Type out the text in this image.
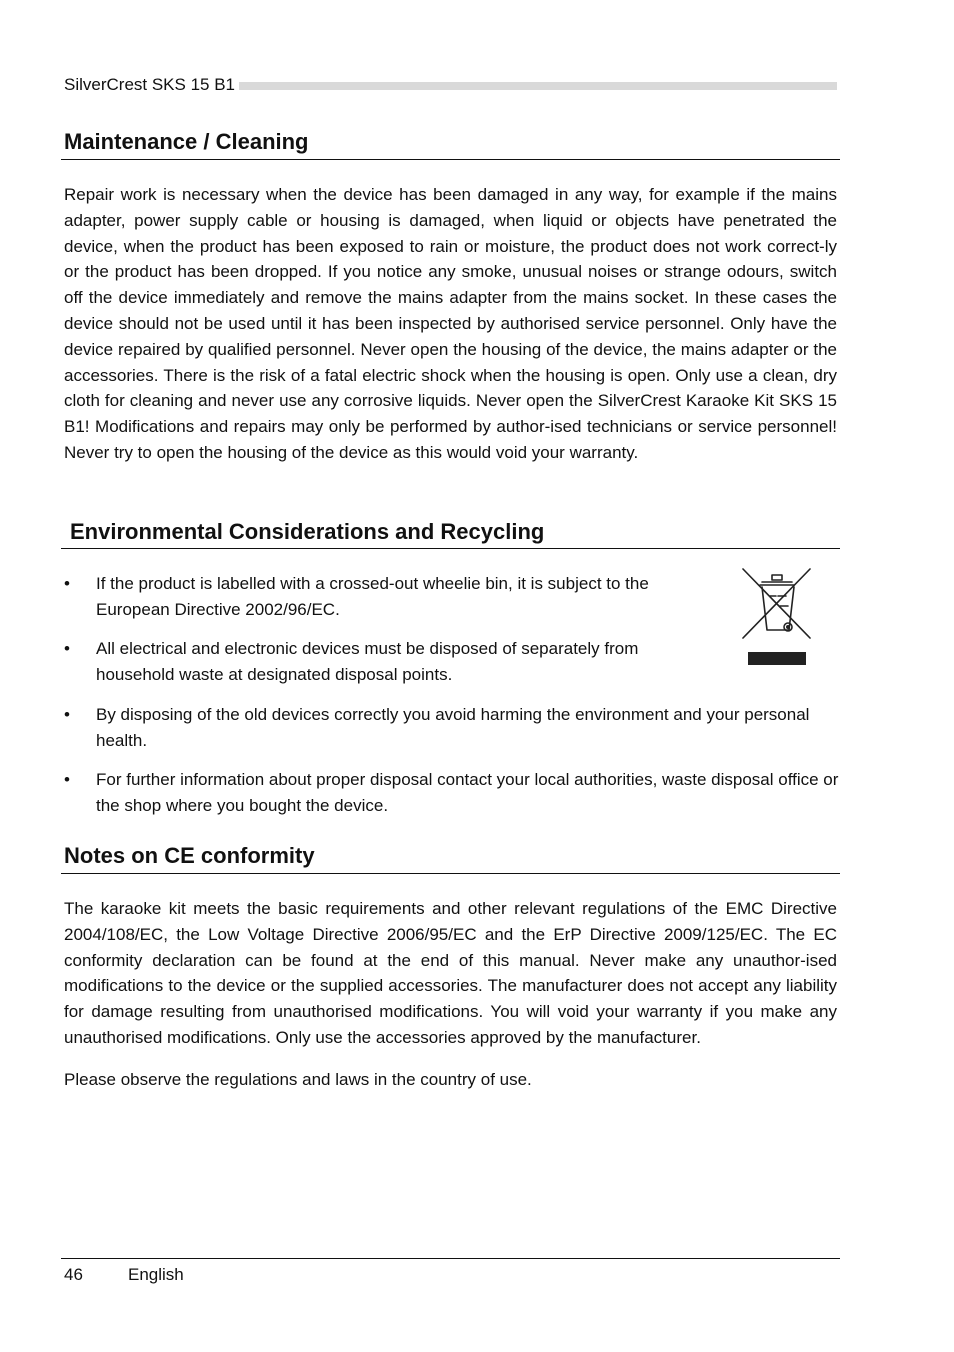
SilverCrest SKS 15 B1
Maintenance / Cleaning

Repair work is necessary when the device has been damaged in any way, for example if the mains adapter, power supply cable or housing is damaged, when liquid or objects have penetrated the device, when the product has been exposed to rain or moisture, the product does not work correct-ly or the product has been dropped. If you notice any smoke, unusual noises or strange odours, switch off the device immediately and remove the mains adapter from the mains socket. In these cases the device should not be used until it has been inspected by authorised service personnel. Only have the device repaired by qualified personnel. Never open the housing of the device, the mains adapter or the accessories. There is the risk of a fatal electric shock when the housing is open. Only use a clean, dry cloth for cleaning and never use any corrosive liquids. Never open the SilverCrest Karaoke Kit SKS 15 B1! Modifications and repairs may only be performed by author-ised technicians or service personnel! Never try to open the housing of the device as this would void your warranty.

Environmental Considerations and Recycling
•	If the product is labelled with a crossed-out wheelie bin, it is subject to the European Directive 2002/96/EC.
•	All electrical and electronic devices must be disposed of separately from household waste at designated disposal points.
•	By disposing of the old devices correctly you avoid harming the environment and your personal health.
•	For further information about proper disposal contact your local authorities, waste disposal office or the shop where you bought the device.
Notes on CE conformity

The karaoke kit meets the basic requirements and other relevant regulations of the EMC Directive 2004/108/EC, the Low Voltage Directive 2006/95/EC and the ErP Directive 2009/125/EC. The EC conformity declaration can be found at the end of this manual. Never make any unauthor-ised modifications to the device or the supplied accessories. The manufacturer does not accept any liability for damage resulting from unauthorised modifications. You will void your warranty if you make any unauthorised modifications. Only use the accessories approved by the manufacturer.

Please observe the regulations and laws in the country of use.

46	English
